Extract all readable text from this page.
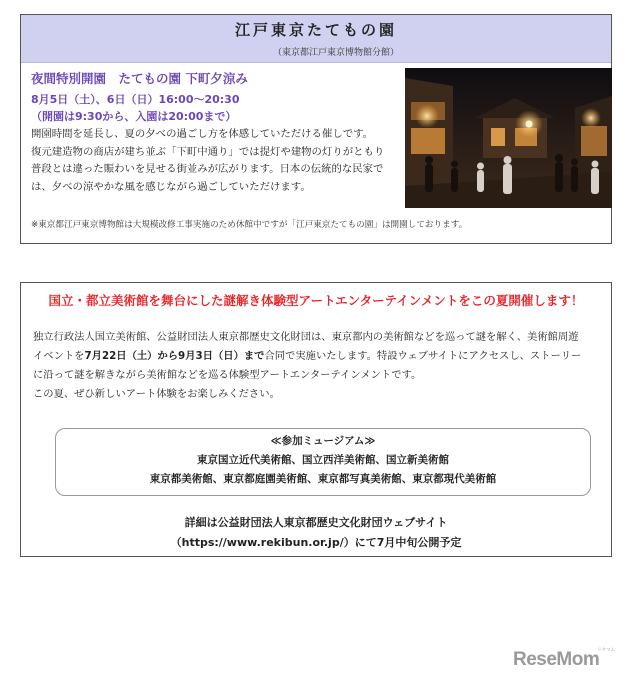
江戸東京たてもの園
（東京都江戸東京博物館分館）
夜間特別開園　たてもの園 下町夕涼み
8月5日（土）、6日（日）16:00～20:30
（開園は9:30から、入園は20:00まで）
開園時間を延長し、夏の夕べの過ごし方を体感していただける催しです。
復元建造物の商店が建ち並ぶ「下町中通り」では提灯や建物の灯りがともり
普段とは違った賑わいを見せる街並みが広がります。日本の伝統的な民家で
は、夕べの涼やかな風を感じながら過ごしていただけます。
※東京都江戸東京博物館は大規模改修工事実施のため休館中ですが「江戸東京たてもの園」は開園しております。
国立・都立美術館を舞台にした謎解き体験型アートエンターテインメントをこの夏開催します！
独立行政法人国立美術館、公益財団法人東京都歴史文化財団は、東京都内の美術館などを巡って謎を解く、美術館周遊
イベントを7月22日（土）から9月3日（日）まで合同で実施いたします。特設ウェブサイトにアクセスし、ストーリー
に沿って謎を解きながら美術館などを巡る体験型アートエンターテインメントです。
この夏、ぜひ新しいアート体験をお楽しみください。
≪参加ミュージアム≫
東京国立近代美術館、国立西洋美術館、国立新美術館
東京都美術館、東京都庭園美術館、東京都写真美術館、東京都現代美術館
詳細は公益財団法人東京都歴史文化財団ウェブサイト
（https://www.rekibun.or.jp/）にて7月中旬公開予定
ReseMom
リセマム
